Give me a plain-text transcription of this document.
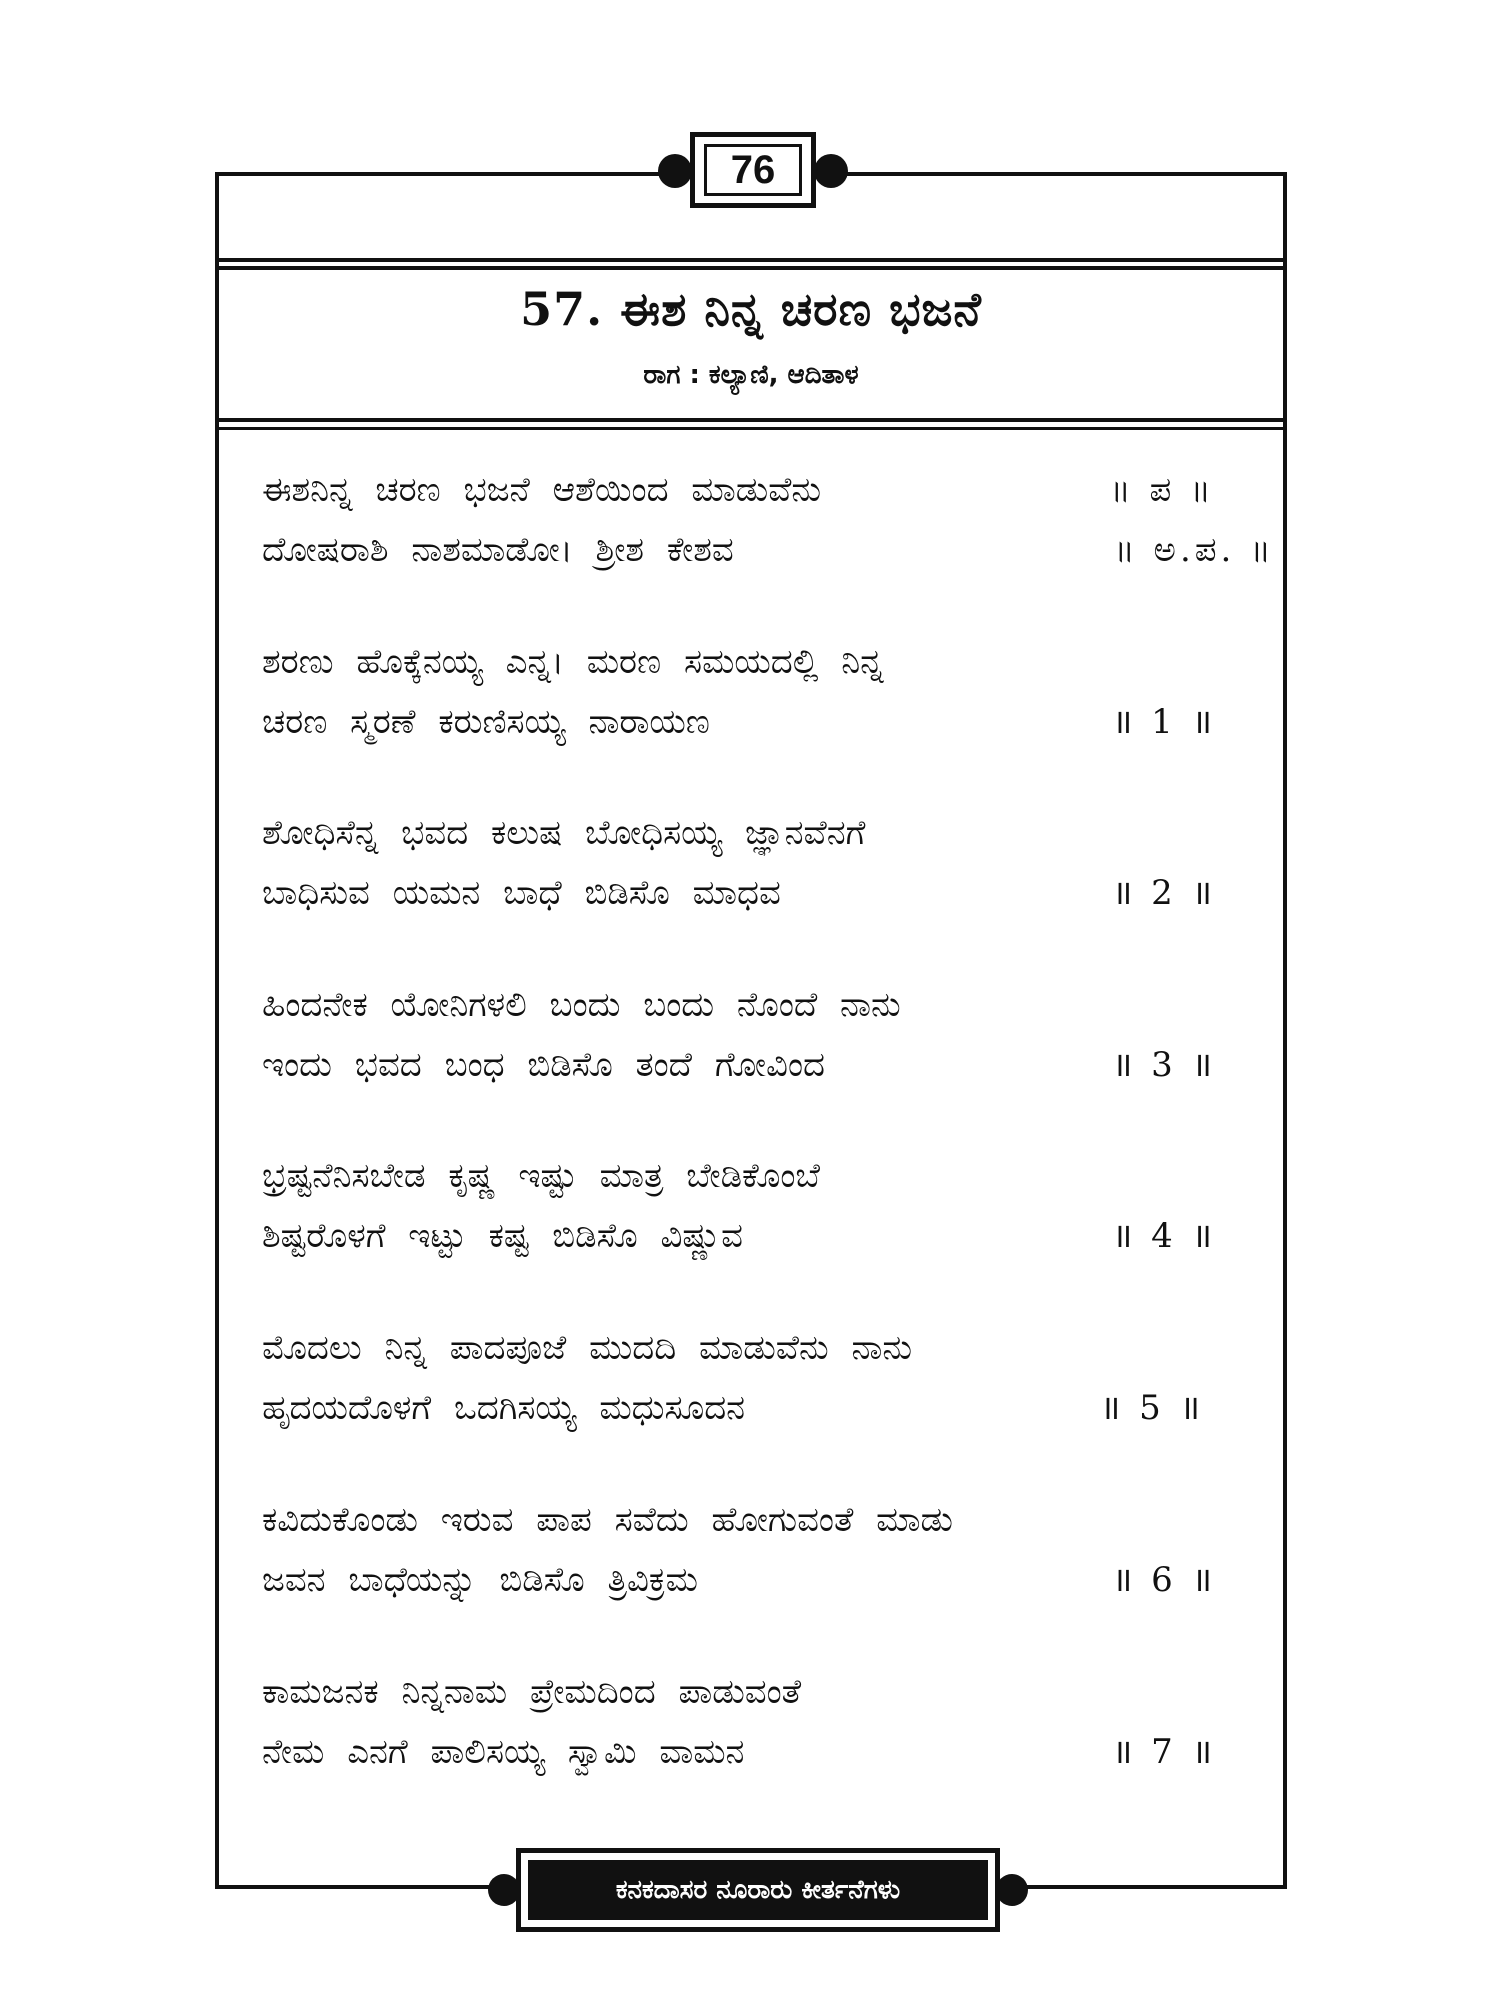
76
57. ಈಶ ನಿನ್ನ ಚರಣ ಭಜನೆ
ರಾಗ : ಕಲ್ಯಾಣಿ, ಆದಿತಾಳ
ಈಶನಿನ್ನ ಚರಣ ಭಜನೆ ಆಶೆಯಿಂದ ಮಾಡುವೆನು	॥ ಪ ॥
ದೋಷರಾಶಿ ನಾಶಮಾಡೋ। ಶ್ರೀಶ ಕೇಶವ	॥ ಅ.ಪ. ॥
ಶರಣು ಹೊಕ್ಕೆನಯ್ಯ ಎನ್ನ। ಮರಣ ಸಮಯದಲ್ಲಿ ನಿನ್ನ
ಚರಣ ಸ್ಮರಣೆ ಕರುಣಿಸಯ್ಯ ನಾರಾಯಣ	॥ 1 ॥
ಶೋಧಿಸೆನ್ನ ಭವದ ಕಲುಷ ಬೋಧಿಸಯ್ಯ ಜ್ಞಾನವೆನಗೆ
ಬಾಧಿಸುವ ಯಮನ ಬಾಧೆ ಬಿಡಿಸೊ ಮಾಧವ	॥ 2 ॥
ಹಿಂದನೇಕ ಯೋನಿಗಳಲಿ ಬಂದು ಬಂದು ನೊಂದೆ ನಾನು
ಇಂದು ಭವದ ಬಂಧ ಬಿಡಿಸೊ ತಂದೆ ಗೋವಿಂದ	॥ 3 ॥
ಭ್ರಷ್ಟನೆನಿಸಬೇಡ ಕೃಷ್ಣ ಇಷ್ಟು ಮಾತ್ರ ಬೇಡಿಕೊಂಬೆ
ಶಿಷ್ಟರೊಳಗೆ ಇಟ್ಟು ಕಷ್ಟ ಬಿಡಿಸೊ ವಿಷ್ಣುವ	॥ 4 ॥
ಮೊದಲು ನಿನ್ನ ಪಾದಪೂಜೆ ಮುದದಿ ಮಾಡುವೆನು ನಾನು
ಹೃದಯದೊಳಗೆ ಒದಗಿಸಯ್ಯ ಮಧುಸೂದನ	॥ 5 ॥
ಕವಿದುಕೊಂಡು ಇರುವ ಪಾಪ ಸವೆದು ಹೋಗುವಂತೆ ಮಾಡು
ಜವನ ಬಾಧೆಯನ್ನು ಬಿಡಿಸೊ ತ್ರಿವಿಕ್ರಮ	॥ 6 ॥
ಕಾಮಜನಕ ನಿನ್ನನಾಮ ಪ್ರೇಮದಿಂದ ಪಾಡುವಂತೆ
ನೇಮ ಎನಗೆ ಪಾಲಿಸಯ್ಯ ಸ್ವಾಮಿ ವಾಮನ	॥ 7 ॥
ಕನಕದಾಸರ ನೂರಾರು ಕೀರ್ತನೆಗಳು
